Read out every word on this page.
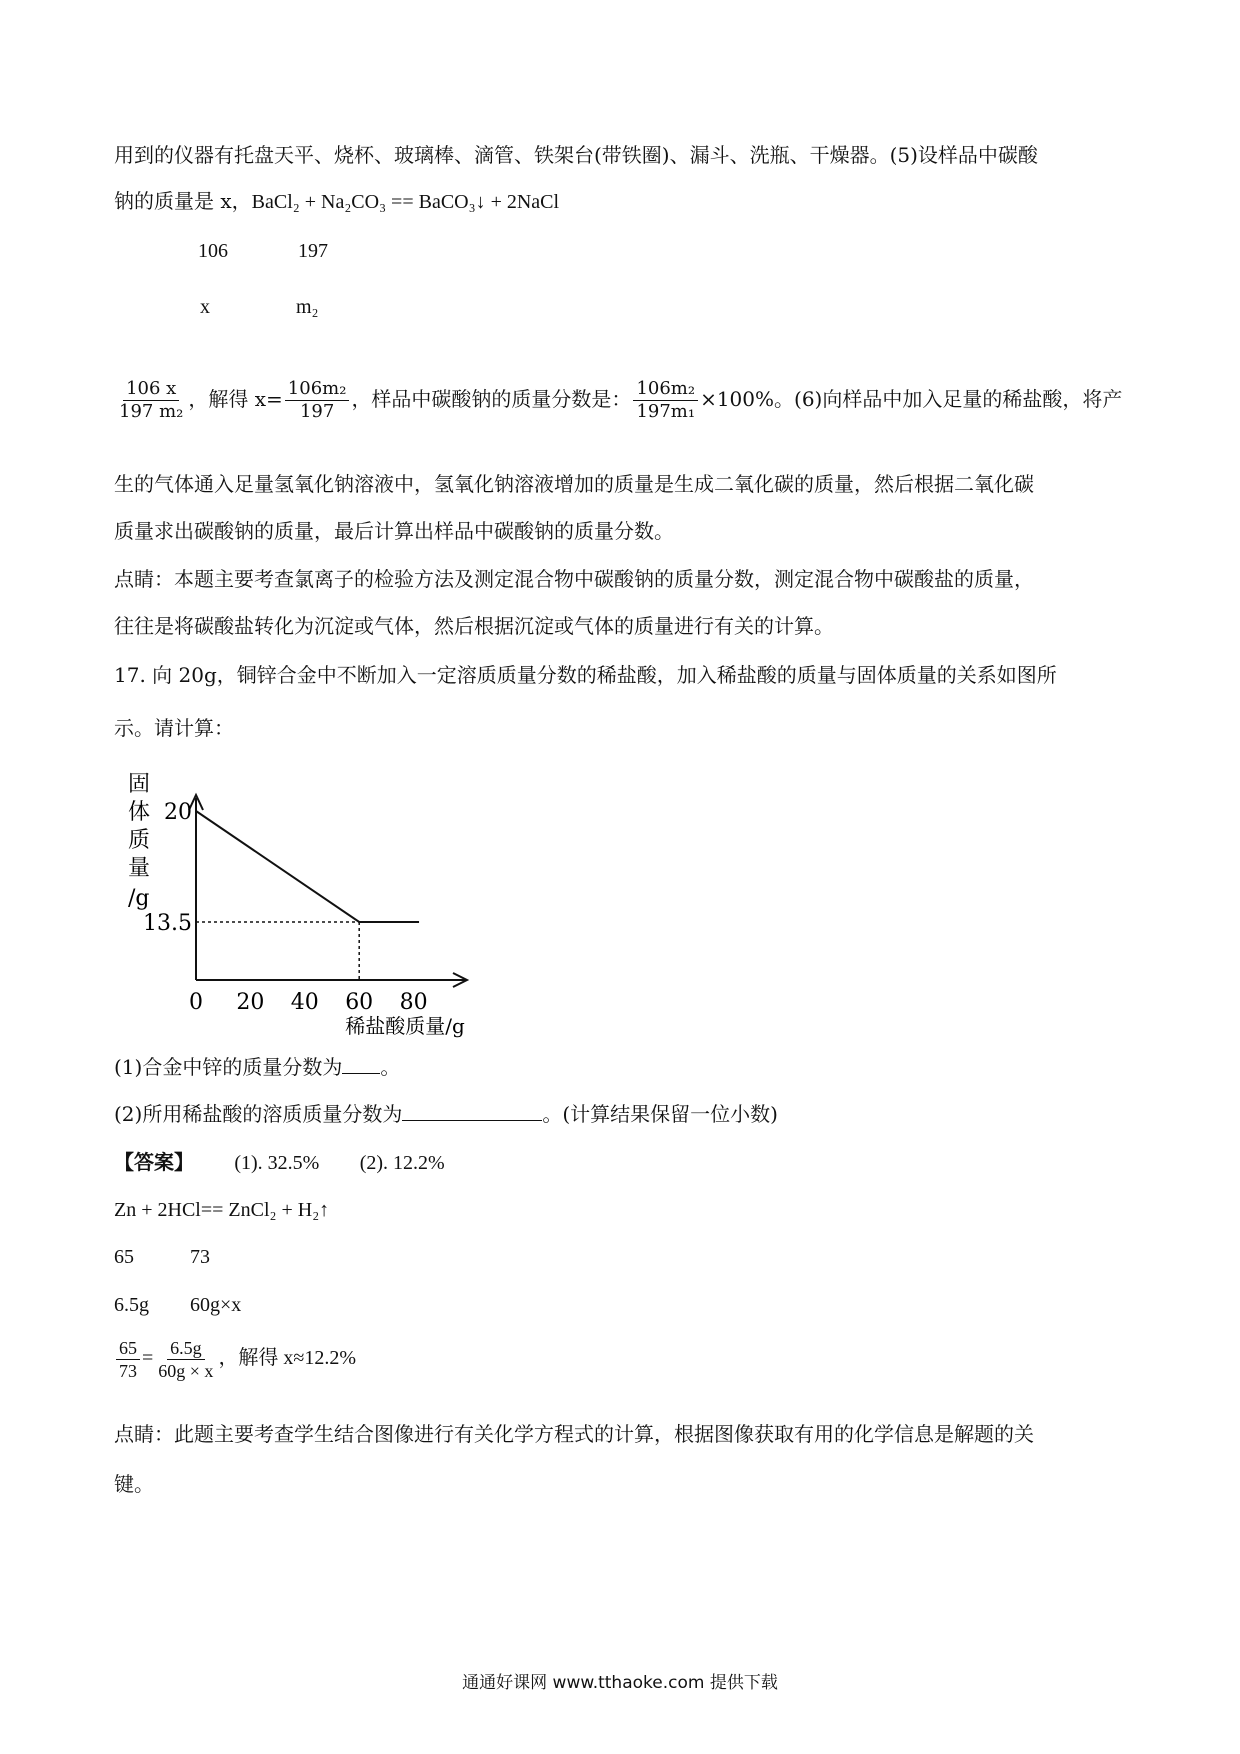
用到的仪器有托盘天平、烧杯、玻璃棒、滴管、铁架台(带铁圈)、漏斗、洗瓶、干燥器。(5)设样品中碳酸
钠的质量是 x，BaCl₂ + Na₂CO₃ == BaCO₃↓ + 2NaCl
106	197
x	m₂
$\frac{106 x}{\text{197 m₂}}$ ，解得 $x= \frac{\text{106m₂}}{197}$ ，样品中碳酸钠的质量分数是： $\frac{\text{106m₂}}{\text{197m₁}} \times 100\%$。(6)向样品中加入足量的稀盐酸，将产
生的气体通入足量氢氧化钠溶液中，氢氧化钠溶液增加的质量是生成二氧化碳的质量，然后根据二氧化碳
质量求出碳酸钠的质量，最后计算出样品中碳酸钠的质量分数。
点睛：本题主要考查氯离子的检验方法及测定混合物中碳酸钠的质量分数，测定混合物中碳酸盐的质量，
往往是将碳酸盐转化为沉淀或气体，然后根据沉淀或气体的质量进行有关的计算。
17. 向 20g，铜锌合金中不断加入一定溶质质量分数的稀盐酸，加入稀盐酸的质量与固体质量的关系如图所
示。请计算：
固
体
质
量
/g
0 20 40 60 80
20
13.5
稀盐酸质量/g
(1)合金中锌的质量分数为 。
(2)所用稀盐酸的溶质质量分数为	。(计算结果保留一位小数)
【答案】 (1). 32.5% (2). 12.2%
Zn + 2HCl== ZnCl₂ + H₂↑
65	73
6.5g 60g×x
$\frac{65}{73} = \frac{6.5g}{60g \times x}$ ，解得 x≈12.2%
点睛：此题主要考查学生结合图像进行有关化学方程式的计算，根据图像获取有用的化学信息是解题的关
键。
通通好课网 www.tthaoke.com 提供下载
